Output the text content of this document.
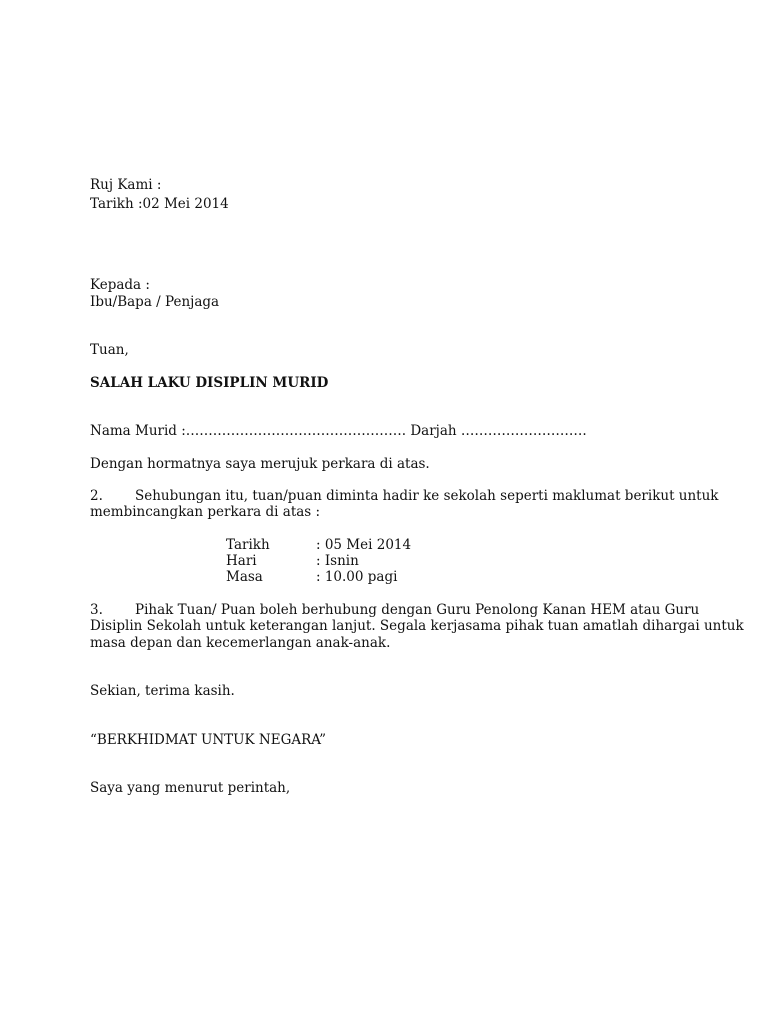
Ruj Kami :
Tarikh :02 Mei 2014
Kepada :
Ibu/Bapa / Penjaga
Tuan,
SALAH LAKU DISIPLIN MURID
Nama Murid :…………………………………………. Darjah ……………………….
Dengan hormatnya saya merujuk perkara di atas.
2. Sehubungan itu, tuan/puan diminta hadir ke sekolah seperti maklumat berikut untuk
membincangkan perkara di atas :
Tarikh	: 05 Mei 2014
Hari	: Isnin
Masa	: 10.00 pagi
3. Pihak Tuan/ Puan boleh berhubung dengan Guru Penolong Kanan HEM atau Guru
Disiplin Sekolah untuk keterangan lanjut. Segala kerjasama pihak tuan amatlah dihargai untuk
masa depan dan kecemerlangan anak-anak.
Sekian, terima kasih.
“BERKHIDMAT UNTUK NEGARA”
Saya yang menurut perintah,
